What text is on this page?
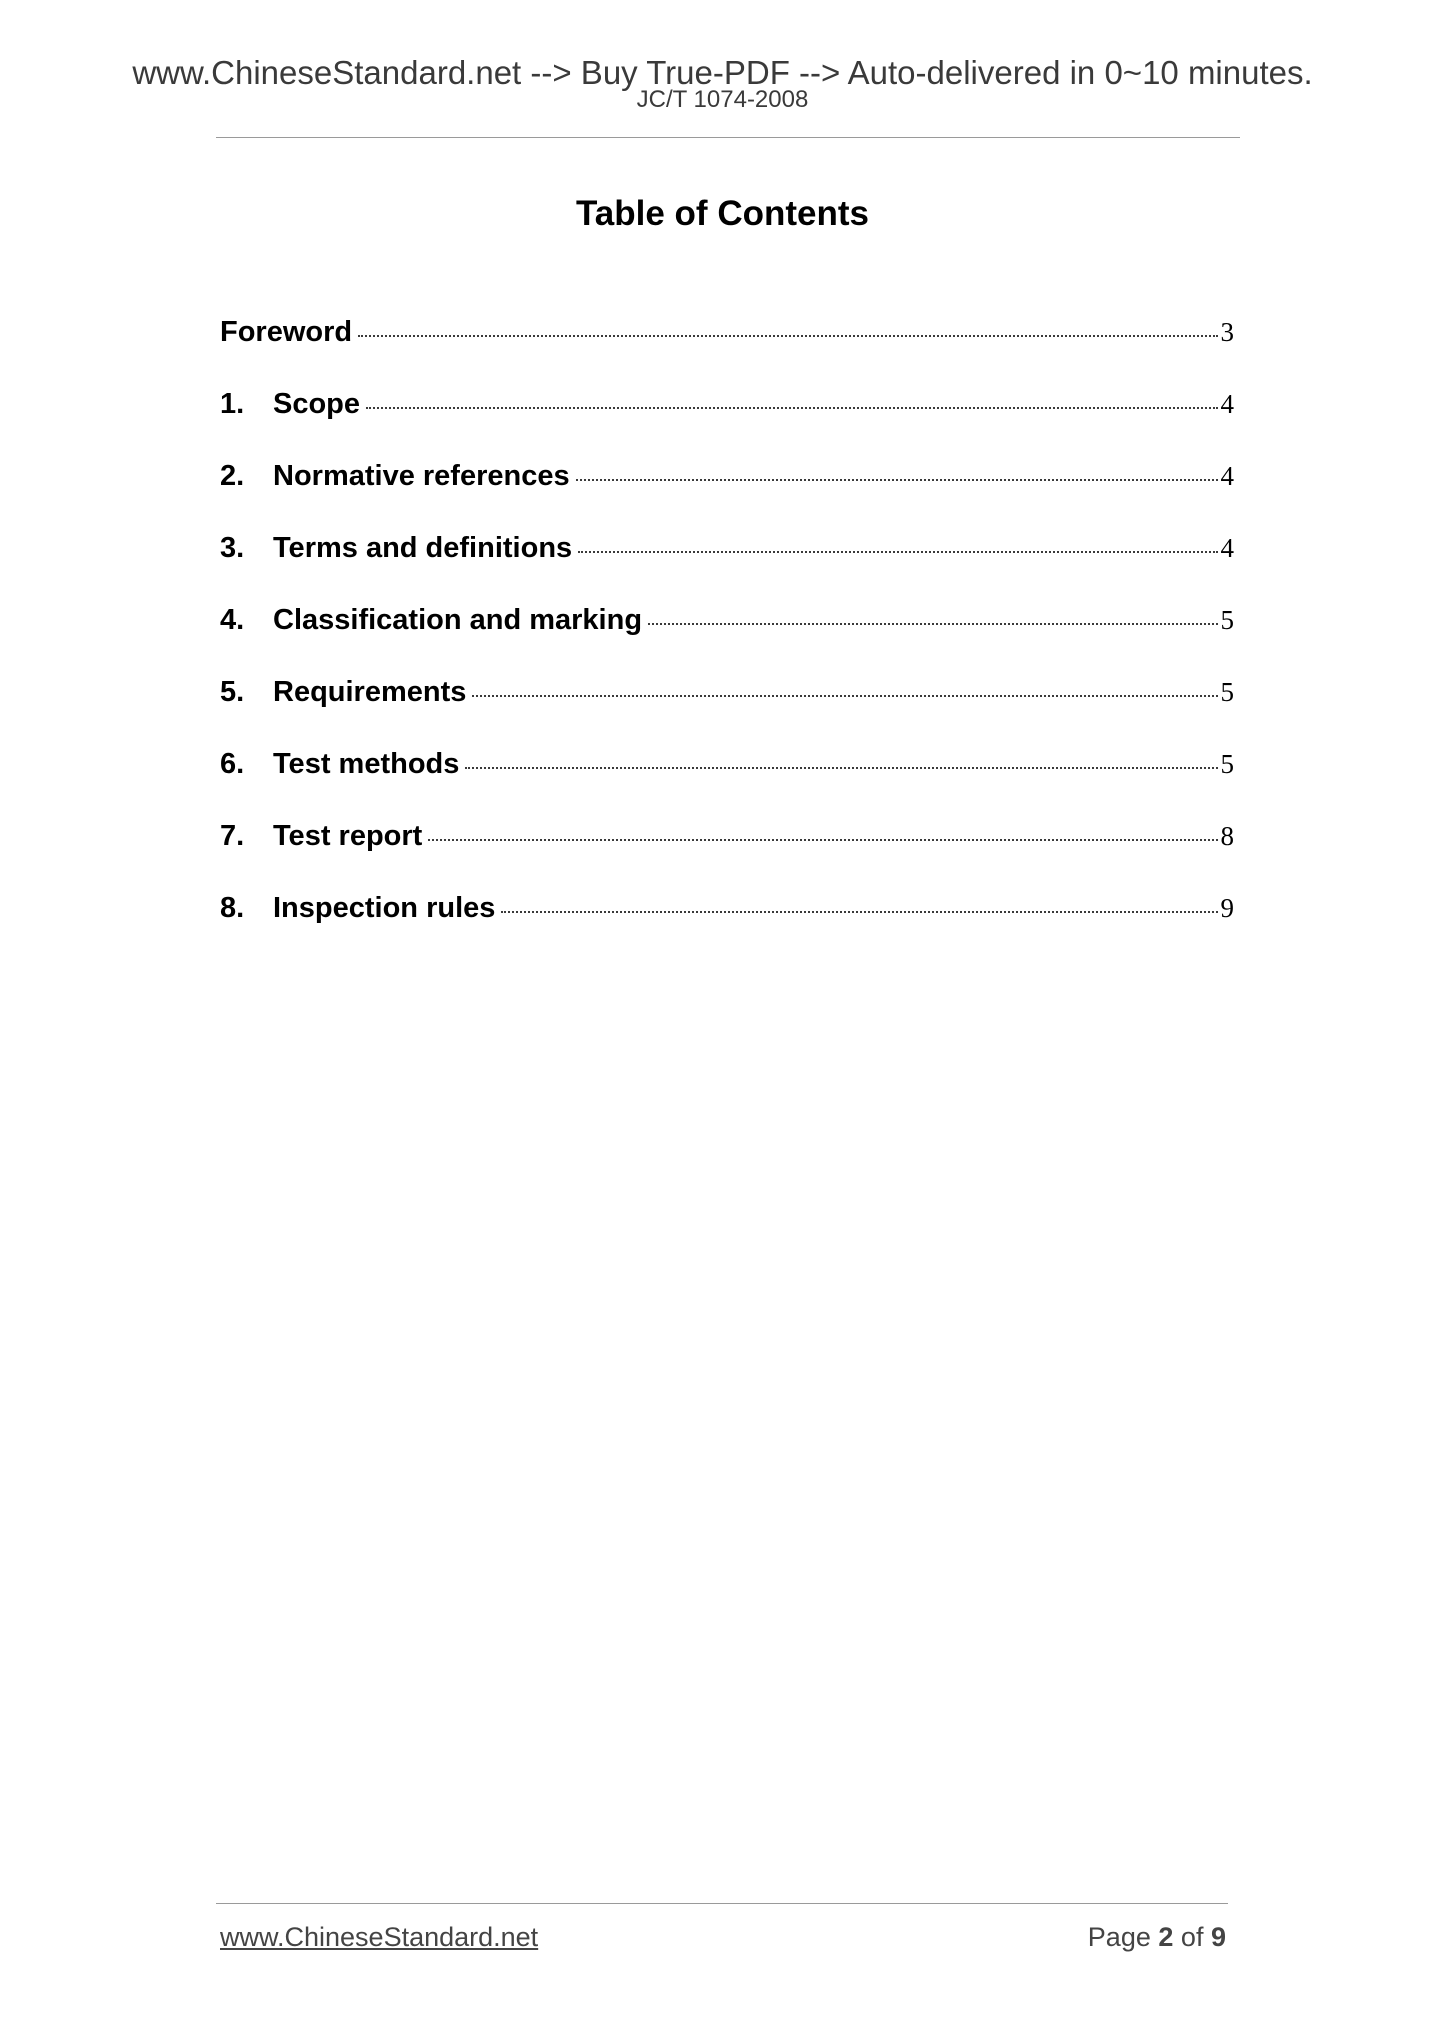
www.ChineseStandard.net --> Buy True-PDF --> Auto-delivered in 0~10 minutes.
JC/T 1074-2008
Table of Contents
Foreword	3
1. Scope	4
2. Normative references	4
3. Terms and definitions	4
4. Classification and marking	5
5. Requirements	5
6. Test methods	5
7. Test report	8
8. Inspection rules	9
www.ChineseStandard.net	Page 2 of 9
